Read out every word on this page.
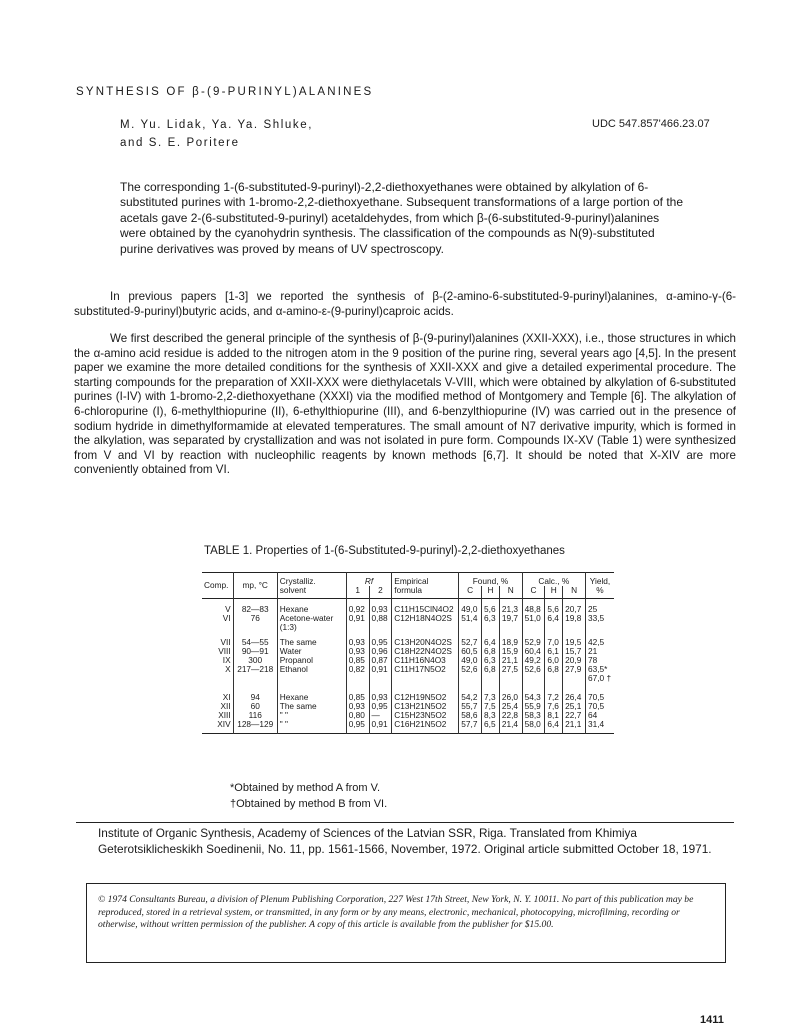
SYNTHESIS OF β-(9-PURINYL)ALANINES
M. Yu. Lidak, Ya. Ya. Shluke,
and S. E. Poritere
UDC 547.857'466.23.07
The corresponding 1-(6-substituted-9-purinyl)-2,2-diethoxyethanes were obtained by alkylation of 6-substituted purines with 1-bromo-2,2-diethoxyethane. Subsequent transformations of a large portion of the acetals gave 2-(6-substituted-9-purinyl) acetaldehydes, from which β-(6-substituted-9-purinyl)alanines were obtained by the cyanohydrin synthesis. The classification of the compounds as N(9)-substituted purine derivatives was proved by means of UV spectroscopy.

In previous papers [1-3] we reported the synthesis of β-(2-amino-6-substituted-9-purinyl)alanines, α-amino-γ-(6-substituted-9-purinyl)butyric acids, and α-amino-ε-(9-purinyl)caproic acids.

We first described the general principle of the synthesis of β-(9-purinyl)alanines (XXII-XXX), i.e., those structures in which the α-amino acid residue is added to the nitrogen atom in the 9 position of the purine ring, several years ago [4,5]. In the present paper we examine the more detailed conditions for the synthesis of XXII-XXX and give a detailed experimental procedure. The starting compounds for the preparation of XXII-XXX were diethylacetals V-VIII, which were obtained by alkylation of 6-substituted purines (I-IV) with 1-bromo-2,2-diethoxyethane (XXXI) via the modified method of Montgomery and Temple [6]. The alkylation of 6-chloropurine (I), 6-methylthiopurine (II), 6-ethylthiopurine (III), and 6-benzylthiopurine (IV) was carried out in the presence of sodium hydride in dimethylformamide at elevated temperatures. The small amount of N7 derivative impurity, which is formed in the alkylation, was separated by crystallization and was not isolated in pure form. Compounds IX-XV (Table 1) were synthesized from V and VI by reaction with nucleophilic reagents by known methods [6,7]. It should be noted that X-XIV are more conveniently obtained from VI.

TABLE 1. Properties of 1-(6-Substituted-9-purinyl)-2,2-diethoxyethanes
Comp.	mp, °C	Crystalliz. solvent	Rf		Empirical formula	Found, %			Calc., %			Yield, %
			1	2		C	H	N	C	H	N	
V	82—83	Hexane	0,92	0,93	C11H15ClN4O2	49,0	5,6	21,3	48,8	5,6	20,7	25
VI	76	Acetone-water (1:3)	0,91	0,88	C12H18N4O2S	51,4	6,3	19,7	51,0	6,4	19,8	33,5
VII	54—55	The same	0,93	0,95	C13H20N4O2S	52,7	6,4	18,9	52,9	7,0	19,5	42,5
VIII	90—91	Water	0,93	0,96	C18H22N4O2S	60,5	6,8	15,9	60,4	6,1	15,7	21
IX	300	Propanol	0,85	0,87	C11H16N4O3	49,0	6,3	21,1	49,2	6,0	20,9	78
X	217—218	Ethanol	0,82	0,91	C11H17N5O2	52,6	6,8	27,5	52,6	6,8	27,9	63,5*
												67,0 †
XI	94	Hexane	0,85	0,93	C12H19N5O2	54,2	7,3	26,0	54,3	7,2	26,4	70,5
XII	60	The same	0,93	0,95	C13H21N5O2	55,7	7,5	25,4	55,9	7,6	25,1	70,5
XIII	116	" "	0,80	—	C15H23N5O2	58,6	8,3	22,8	58,3	8,1	22,7	64
XIV	128—129	" "	0,95	0,91	C16H21N5O2	57,7	6,5	21,4	58,0	6,4	21,1	31,4
*Obtained by method A from V.
†Obtained by method B from VI.
Institute of Organic Synthesis, Academy of Sciences of the Latvian SSR, Riga. Translated from Khimiya Geterotsiklicheskikh Soedinenii, No. 11, pp. 1561-1566, November, 1972. Original article submitted October 18, 1971.
© 1974 Consultants Bureau, a division of Plenum Publishing Corporation, 227 West 17th Street, New York, N. Y. 10011. No part of this publication may be reproduced, stored in a retrieval system, or transmitted, in any form or by any means, electronic, mechanical, photocopying, microfilming, recording or otherwise, without written permission of the publisher. A copy of this article is available from the publisher for $15.00.
1411
